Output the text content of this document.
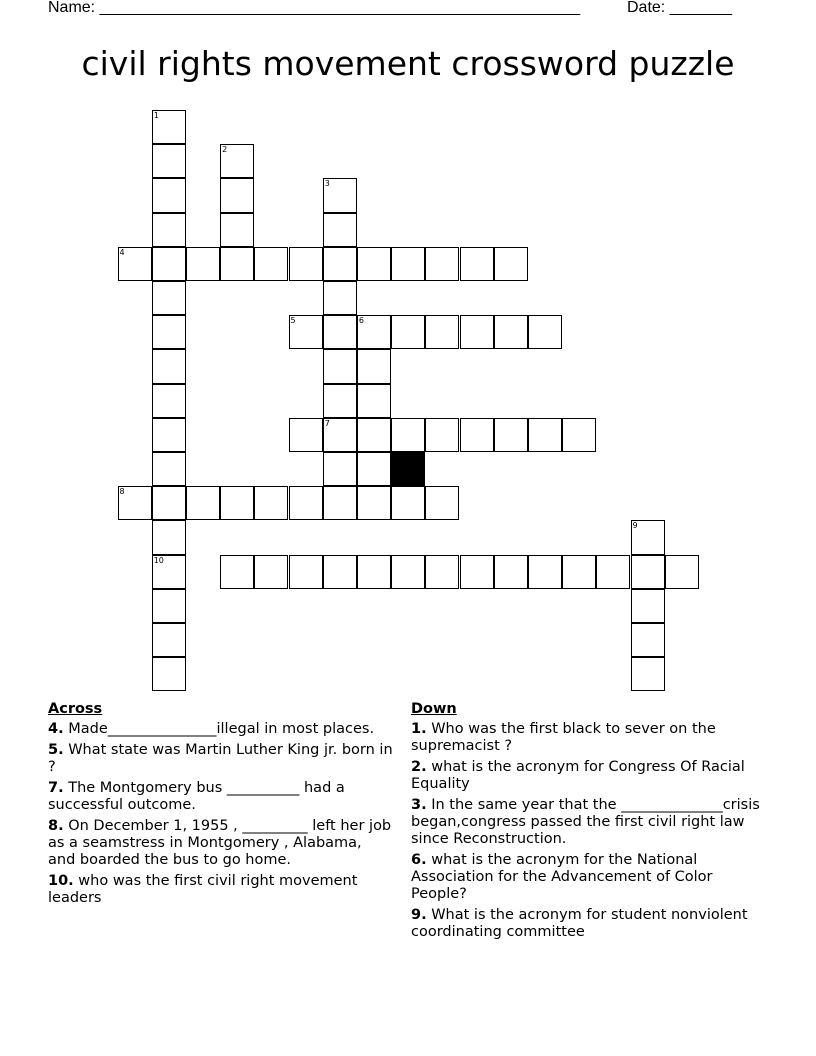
Name: ______________________________________________________	Date: _______
civil rights movement crossword puzzle
1
2
3
4
5	6
7
8
9
10
Across
4. Made_______________illegal in most places.
5. What state was Martin Luther King jr. born in ?
7. The Montgomery bus __________ had a successful outcome.
8. On December 1, 1955 , _________ left her job as a seamstress in Montgomery , Alabama, and boarded the bus to go home.
10. who was the first civil right movement leaders
Down
1. Who was the first black to sever on the supremacist ?
2. what is the acronym for Congress Of Racial Equality
3. In the same year that the ______________crisis began,congress passed the first civil right law since Reconstruction.
6. what is the acronym for the National Association for the Advancement of Color People?
9. What is the acronym for student nonviolent coordinating committee
